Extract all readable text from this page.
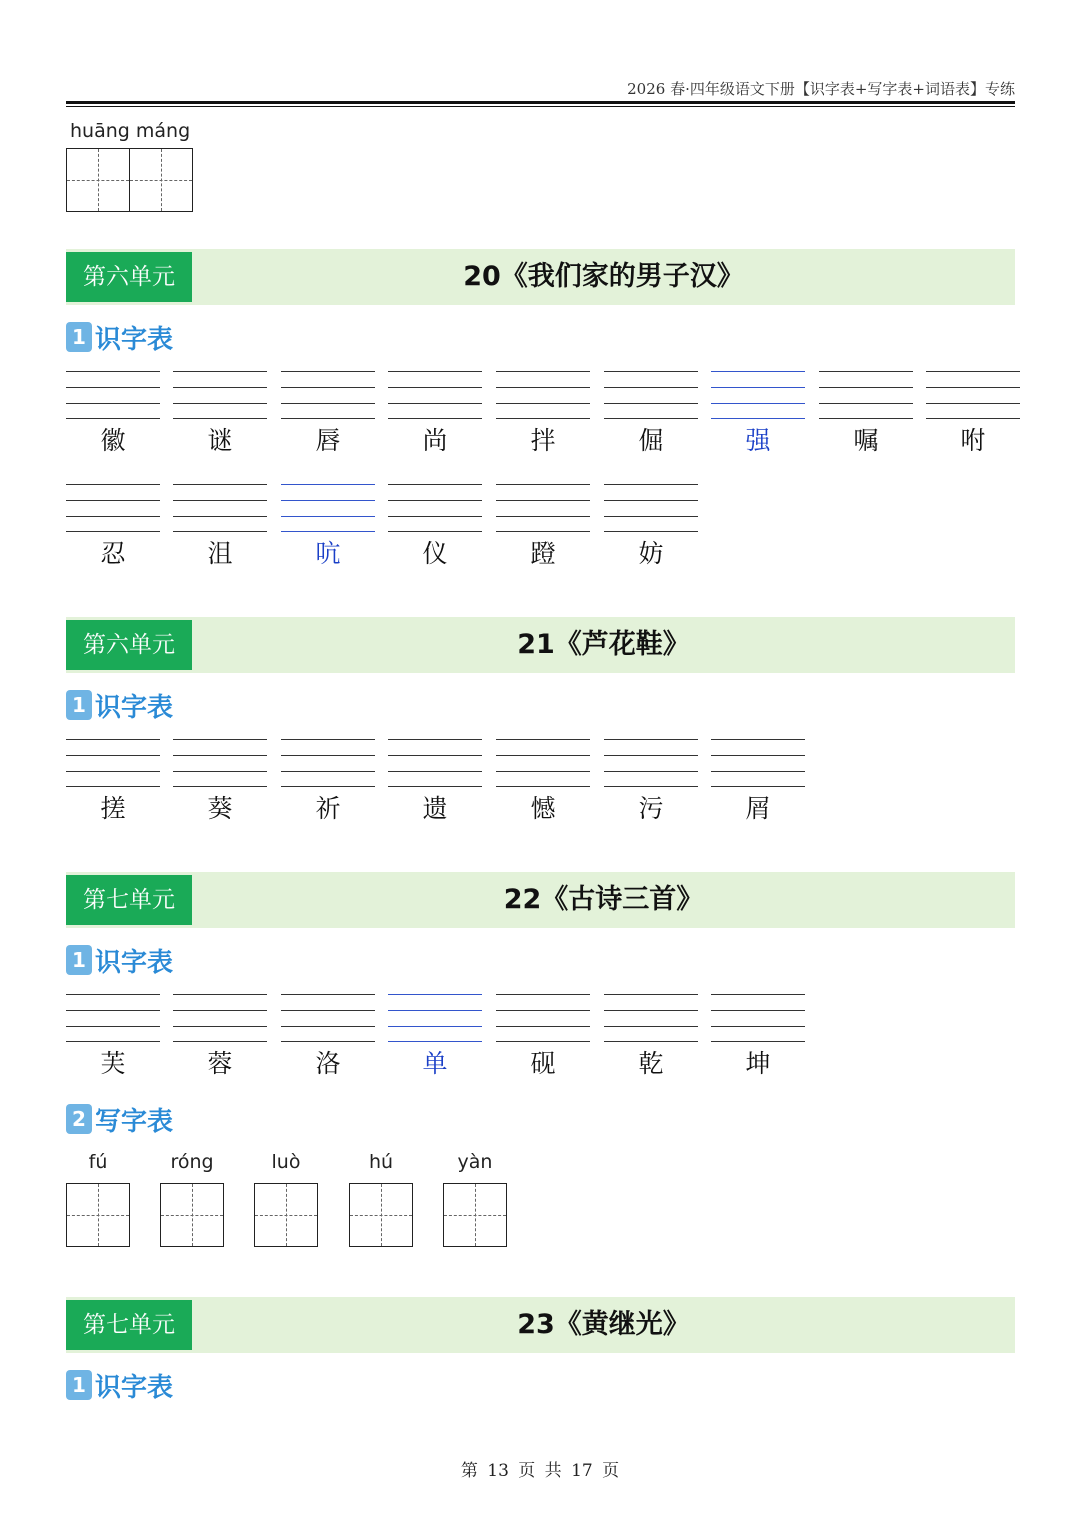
2026 春·四年级语文下册【识字表+写字表+词语表】专练
huāng máng
第六单元	20《我们家的男子汉》
1 识字表
徽	谜	唇	尚	拌	倔	强	嘱	咐
忍	沮	吭	仪	蹬	妨
第六单元	21《芦花鞋》
1 识字表
搓	葵	祈	遗	憾	污	屑
第七单元	22《古诗三首》
1 识字表
芙	蓉	洛	单	砚	乾	坤
2 写字表
fú	róng	luò	hú	yàn
第七单元	23《黄继光》
1 识字表
第 13 页 共 17 页
